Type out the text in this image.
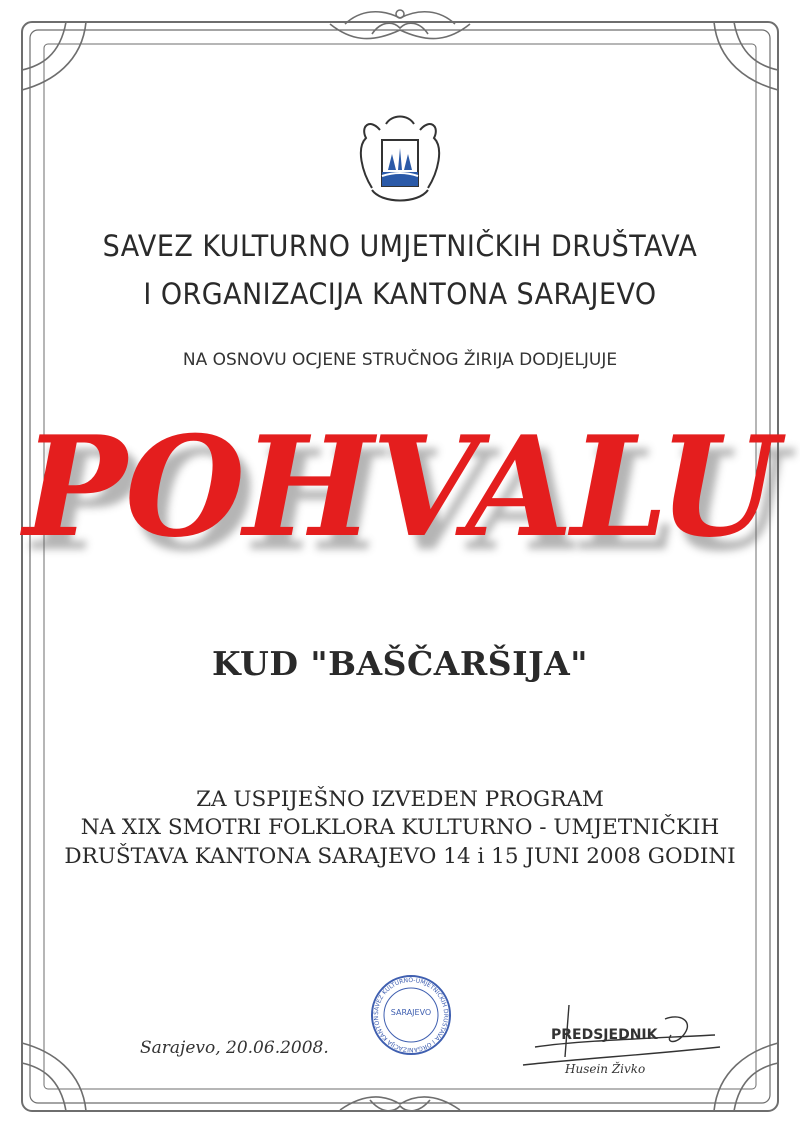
SAVEZ KULTURNO UMJETNIČKIH DRUŠTAVA
I ORGANIZACIJA KANTONA SARAJEVO
NA OSNOVU OCJENE STRUČNOG ŽIRIJA DODJELJUJE
POHVALU
KUD "BAŠČARŠIJA"
ZA USPIJEŠNO IZVEDEN PROGRAM
NA XIX SMOTRI FOLKLORA KULTURNO - UMJETNIČKIH
DRUŠTAVA KANTONA SARAJEVO 14 i 15 JUNI 2008 GODINI
Sarajevo, 20.06.2008.
SAVEZ KULTURNO-UMJETNIČKIH DRUŠTAVA I ORGANIZACIJA KANTON
SARAJEVO
PREDSJEDNIK
Husein Živko
